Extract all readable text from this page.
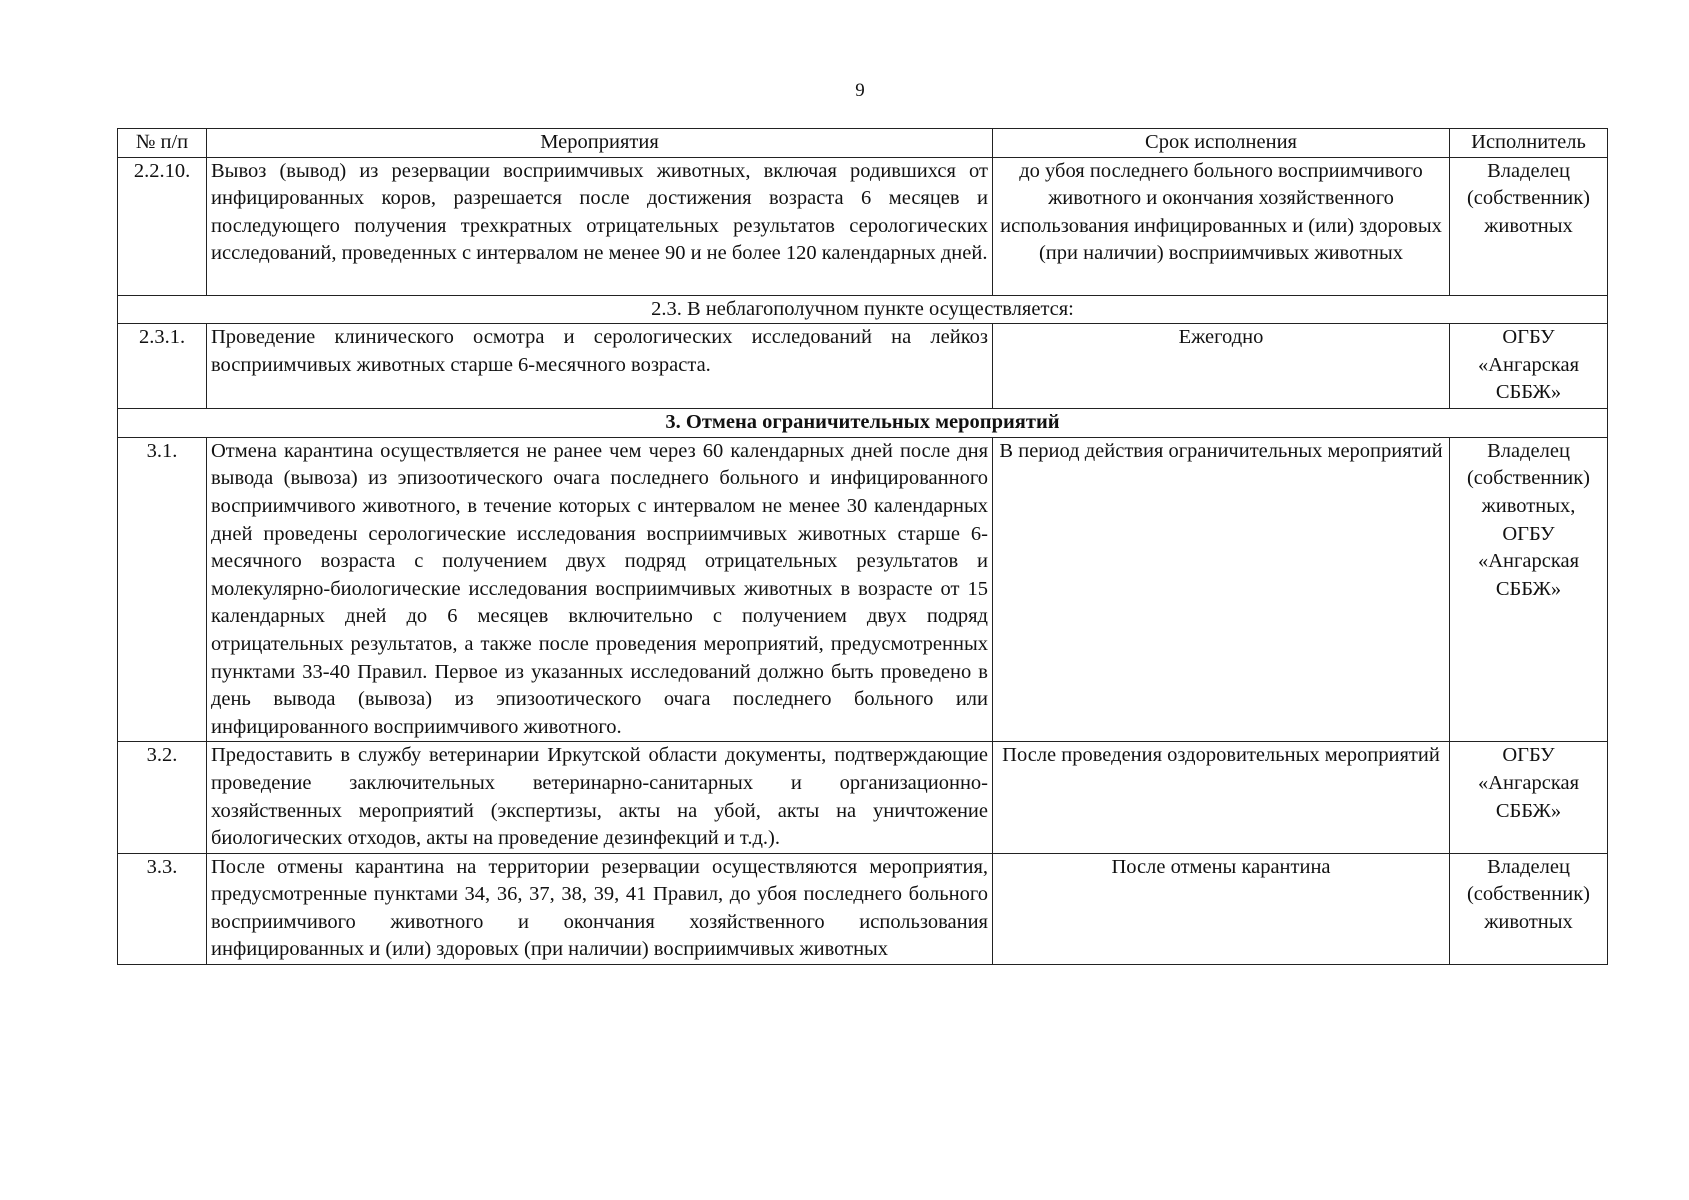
9
№ п/п	Мероприятия	Срок исполнения	Исполнитель
2.2.10.	Вывоз (вывод) из резервации восприимчивых животных, включая родившихся от инфицированных коров, разрешается после достижения возраста 6 месяцев и последующего получения трехкратных отрицательных результатов серологических исследований, проведенных с интервалом не менее 90 и не более 120 календарных дней.	до убоя последнего больного восприимчивого животного и окончания хозяйственного использования инфицированных и (или) здоровых (при наличии) восприимчивых животных	Владелец (собственник) животных
2.3. В неблагополучном пункте осуществляется:			
2.3.1.	Проведение клинического осмотра и серологических исследований на лейкоз восприимчивых животных старше 6-месячного возраста.	Ежегодно	ОГБУ «Ангарская СББЖ»
3. Отмена ограничительных мероприятий			
3.1.	Отмена карантина осуществляется не ранее чем через 60 календарных дней после дня вывода (вывоза) из эпизоотического очага последнего больного и инфицированного восприимчивого животного, в течение которых с интервалом не менее 30 календарных дней проведены серологические исследования восприимчивых животных старше 6-месячного возраста с получением двух подряд отрицательных результатов и молекулярно-биологические исследования восприимчивых животных в возрасте от 15 календарных дней до 6 месяцев включительно с получением двух подряд отрицательных результатов, а также после проведения мероприятий, предусмотренных пунктами 33-40 Правил. Первое из указанных исследований должно быть проведено в день вывода (вывоза) из эпизоотического очага последнего больного или инфицированного восприимчивого животного.	В период действия ограничительных мероприятий	Владелец (собственник) животных, ОГБУ «Ангарская СББЖ»
3.2.	Предоставить в службу ветеринарии Иркутской области документы, подтверждающие проведение заключительных ветеринарно-санитарных и организационно-хозяйственных мероприятий (экспертизы, акты на убой, акты на уничтожение биологических отходов, акты на проведение дезинфекций и т.д.).	После проведения оздоровительных мероприятий	ОГБУ «Ангарская СББЖ»
3.3.	После отмены карантина на территории резервации осуществляются мероприятия, предусмотренные пунктами 34, 36, 37, 38, 39, 41 Правил, до убоя последнего больного восприимчивого животного и окончания хозяйственного использования инфицированных и (или) здоровых (при наличии) восприимчивых животных	После отмены карантина	Владелец (собственник) животных
